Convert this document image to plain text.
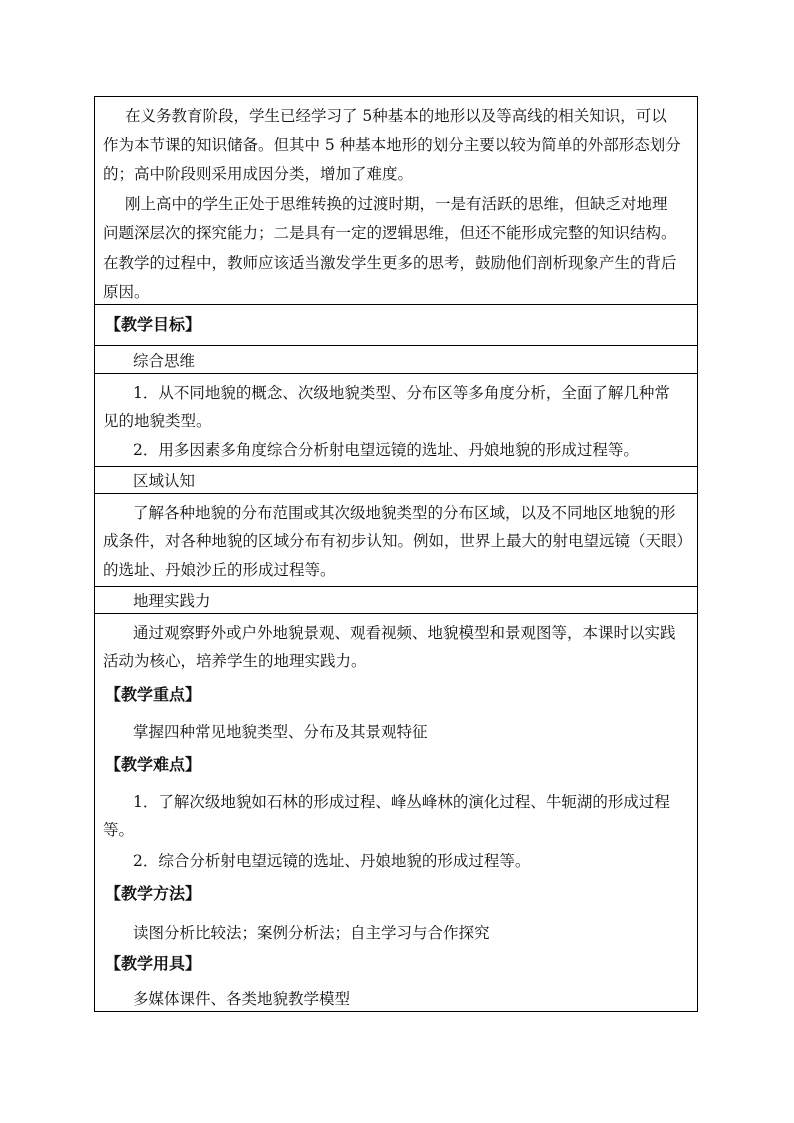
在义务教育阶段，学生已经学习了 5种基本的地形以及等高线的相关知识，可以
作为本节课的知识储备。但其中 5 种基本地形的划分主要以较为简单的外部形态划分
的；高中阶段则采用成因分类，增加了难度。
刚上高中的学生正处于思维转换的过渡时期，一是有活跃的思维，但缺乏对地理
问题深层次的探究能力；二是具有一定的逻辑思维，但还不能形成完整的知识结构。
在教学的过程中，教师应该适当激发学生更多的思考，鼓励他们剖析现象产生的背后
原因。
【教学目标】
综合思维
1．从不同地貌的概念、次级地貌类型、分布区等多角度分析，全面了解几种常
见的地貌类型。
2．用多因素多角度综合分析射电望远镜的选址、丹娘地貌的形成过程等。
区域认知
了解各种地貌的分布范围或其次级地貌类型的分布区域，以及不同地区地貌的形
成条件，对各种地貌的区域分布有初步认知。例如，世界上最大的射电望远镜（天眼）
的选址、丹娘沙丘的形成过程等。
地理实践力
通过观察野外或户外地貌景观、观看视频、地貌模型和景观图等，本课时以实践
活动为核心，培养学生的地理实践力。
【教学重点】
掌握四种常见地貌类型、分布及其景观特征
【教学难点】
1．了解次级地貌如石林的形成过程、峰丛峰林的演化过程、牛轭湖的形成过程
等。
2．综合分析射电望远镜的选址、丹娘地貌的形成过程等。
【教学方法】
读图分析比较法；案例分析法；自主学习与合作探究
【教学用具】
多媒体课件、各类地貌教学模型
